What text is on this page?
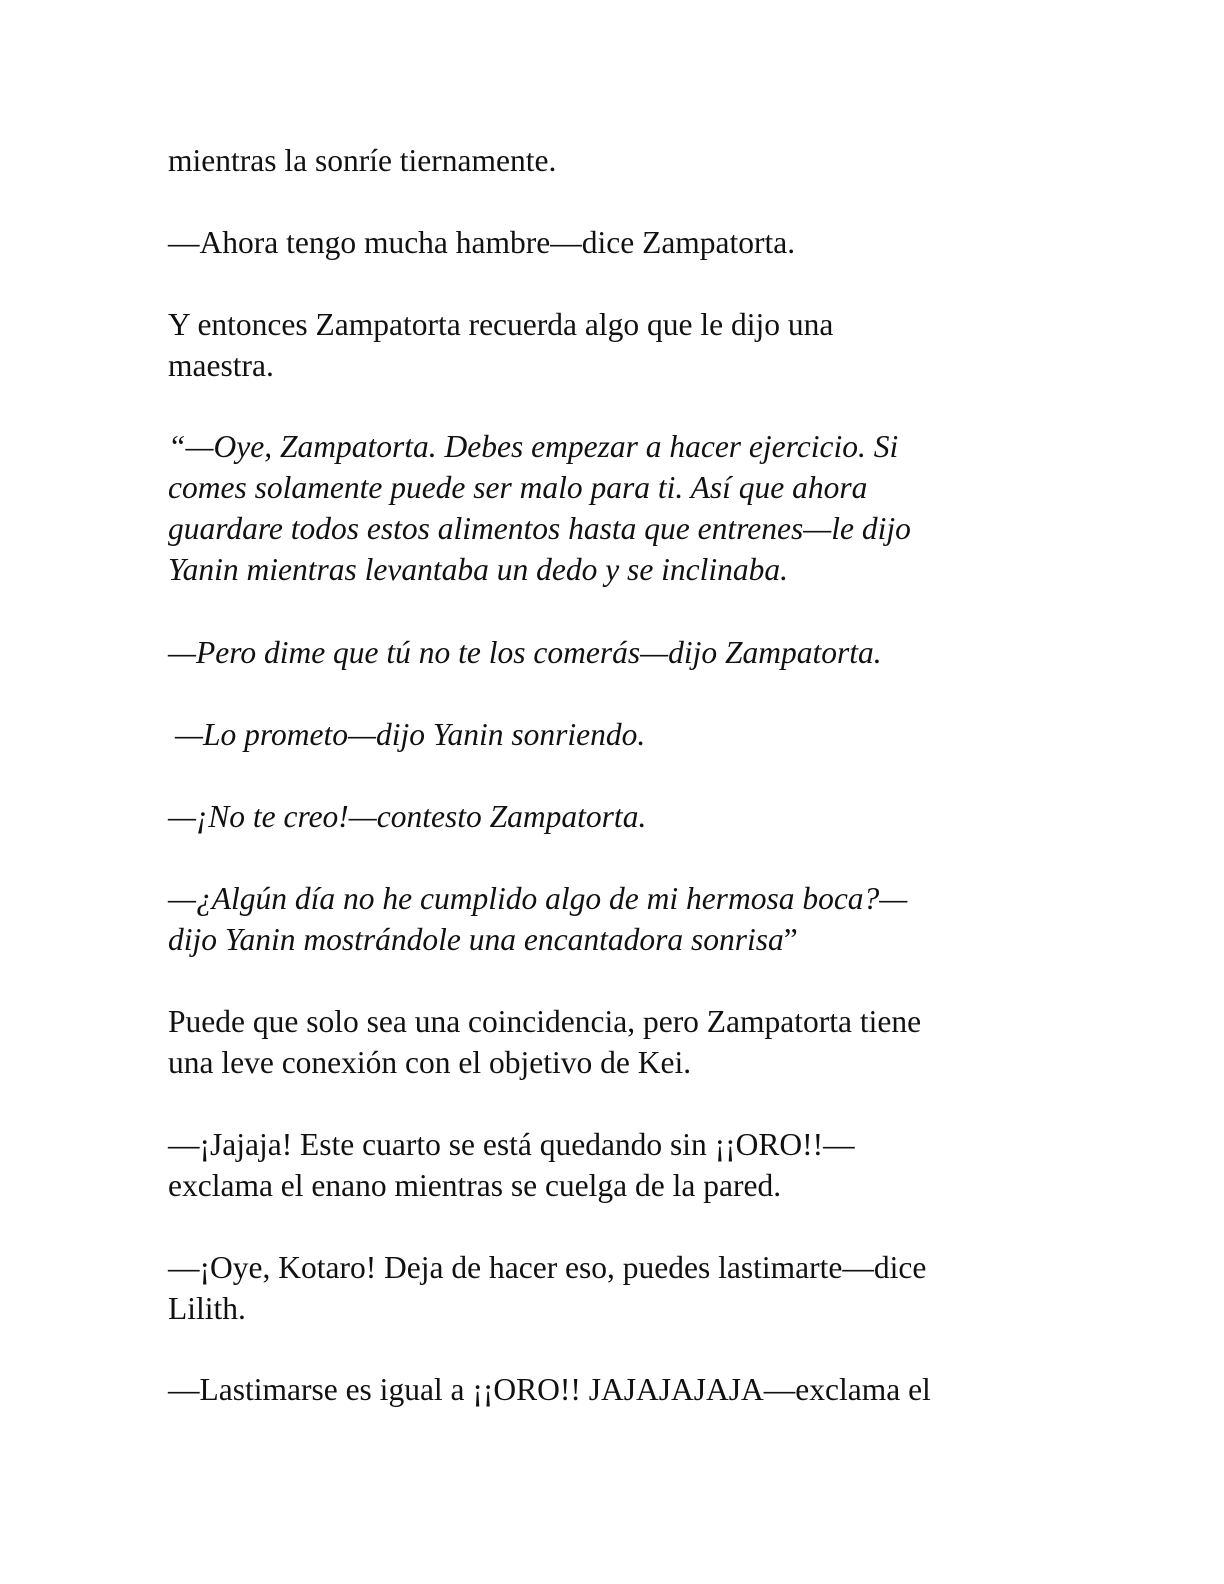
mientras la sonríe tiernamente.
—Ahora tengo mucha hambre—dice Zampatorta.
Y entonces Zampatorta recuerda algo que le dijo una
maestra.
“—Oye, Zampatorta. Debes empezar a hacer ejercicio. Si
comes solamente puede ser malo para ti. Así que ahora
guardare todos estos alimentos hasta que entrenes—le dijo
Yanin mientras levantaba un dedo y se inclinaba.
—Pero dime que tú no te los comerás—dijo Zampatorta.
—Lo prometo—dijo Yanin sonriendo.
—¡No te creo!—contesto Zampatorta.
—¿Algún día no he cumplido algo de mi hermosa boca?—
dijo Yanin mostrándole una encantadora sonrisa”
Puede que solo sea una coincidencia, pero Zampatorta tiene
una leve conexión con el objetivo de Kei.
—¡Jajaja! Este cuarto se está quedando sin ¡¡ORO!!—
exclama el enano mientras se cuelga de la pared.
—¡Oye, Kotaro! Deja de hacer eso, puedes lastimarte—dice
Lilith.
—Lastimarse es igual a ¡¡ORO!! JAJAJAJAJA—exclama el
